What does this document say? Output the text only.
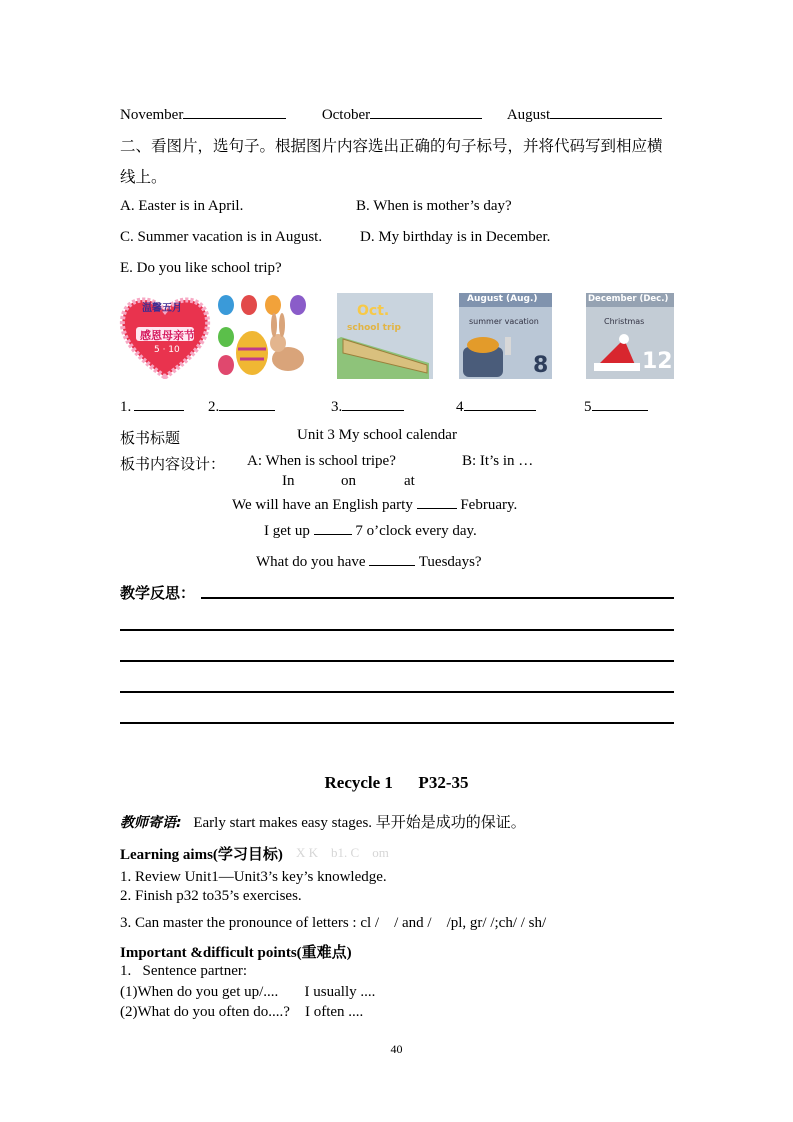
November	October	August
二、看图片，选句子。根据图片内容选出正确的句子标号，并将代码写到相应横
线上。
A. Easter is in April.	B. When is mother’s day?
C. Summer vacation is in August.	D. My birthday is in December.
E. Do you like school trip?
温馨五月
感恩母亲节
5 · 10
Oct.
school trip
August (Aug.)
summer vacation
8
December (Dec.)
Christmas
12
1.	2.	3.	4	5
板书标题	Unit 3 My school calendar
板书内容设计： A: When is school tripe?	B: It’s in …
In	on	at
We will have an English party	February.
I get up	7 o’clock every day.
What do you have	Tuesdays?
教学反思：
Recycle 1      P32-35
教师寄语: Early start makes easy stages. 早开始是成功的保证。
Learning aims(学习目标) X K    b1. C    om
1. Review Unit1—Unit3’s key’s knowledge.
2. Finish p32 to35’s exercises.
3. Can master the pronounce of letters : cl /    / and /    /pl, gr/ /;ch/ / sh/
Important &difficult points(重难点)
1.   Sentence partner:
(1)When do you get up/....       I usually ....
(2)What do you often do....?    I often ....
40
